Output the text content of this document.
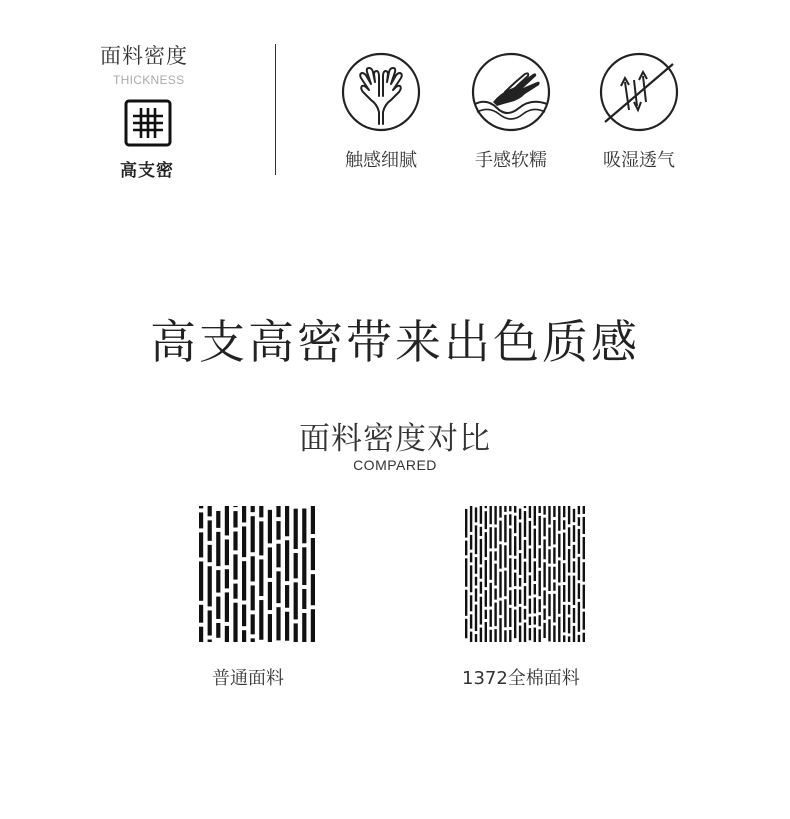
面料密度
THICKNESS
高支密	触感细腻	手感软糯	吸湿透气
高支高密带来出色质感
面料密度对比
COMPARED
普通面料	1372全棉面料
